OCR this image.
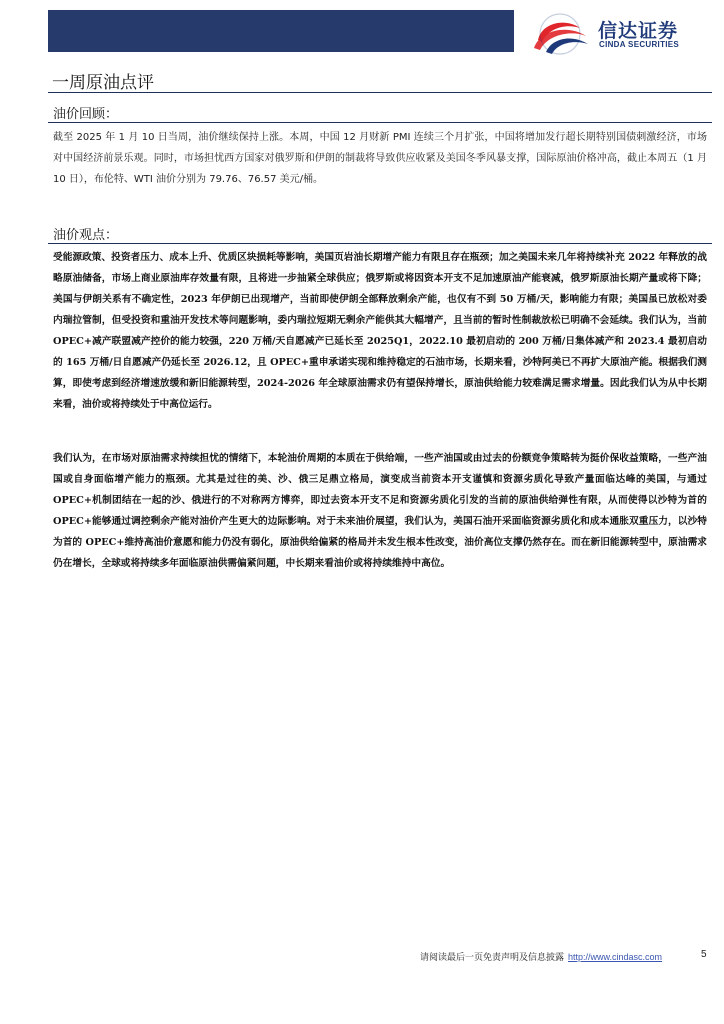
信达证券
CINDA SECURITIES
一周原油点评
油价回顾：

截至 2025 年 1 月 10 日当周，油价继续保持上涨。本周，中国 12 月财新 PMI 连续三个月扩张，中国将增加发行超长期特别国债刺激经济，市场对中国经济前景乐观。同时，市场担忧西方国家对俄罗斯和伊朗的制裁将导致供应收紧及美国冬季风暴支撑，国际原油价格冲高，截止本周五（1 月 10 日），布伦特、WTI 油价分别为 79.76、76.57 美元/桶。

油价观点：

受能源政策、投资者压力、成本上升、优质区块损耗等影响，美国页岩油长期增产能力有限且存在瓶颈；加之美国未来几年将持续补充 2022 年释放的战略原油储备，市场上商业原油库存效量有限，且将进一步抽紧全球供应；俄罗斯或将因资本开支不足加速原油产能衰减，俄罗斯原油长期产量或将下降；美国与伊朗关系有不确定性，2023 年伊朗已出现增产，当前即使伊朗全部释放剩余产能，也仅有不到 50 万桶/天，影响能力有限；美国虽已放松对委内瑞拉管制，但受投资和重油开发技术等问题影响，委内瑞拉短期无剩余产能供其大幅增产，且当前的暂时性制裁放松已明确不会延续。我们认为，当前 OPEC+减产联盟减产控价的能力较强，220 万桶/天自愿减产已延长至 2025Q1，2022.10 最初启动的 200 万桶/日集体减产和 2023.4 最初启动的 165 万桶/日自愿减产仍延长至 2026.12，且 OPEC+重申承诺实现和维持稳定的石油市场，长期来看，沙特阿美已不再扩大原油产能。根据我们测算，即使考虑到经济增速放缓和新旧能源转型，2024-2026 年全球原油需求仍有望保持增长，原油供给能力较难满足需求增量。因此我们认为从中长期来看，油价或将持续处于中高位运行。

我们认为，在市场对原油需求持续担忧的情绪下，本轮油价周期的本质在于供给端，一些产油国或由过去的份额竞争策略转为挺价保收益策略，一些产油国或自身面临增产能力的瓶颈。尤其是过往的美、沙、俄三足鼎立格局，演变成当前资本开支谨慎和资源劣质化导致产量面临达峰的美国，与通过 OPEC+机制团结在一起的沙、俄进行的不对称两方博弈，即过去资本开支不足和资源劣质化引发的当前的原油供给弹性有限，从而使得以沙特为首的 OPEC+能够通过调控剩余产能对油价产生更大的边际影响。对于未来油价展望，我们认为，美国石油开采面临资源劣质化和成本通胀双重压力，以沙特为首的 OPEC+维持高油价意愿和能力仍没有弱化，原油供给偏紧的格局并未发生根本性改变，油价高位支撑仍然存在。而在新旧能源转型中，原油需求仍在增长，全球或将持续多年面临原油供需偏紧问题，中长期来看油价或将持续维持中高位。

请阅读最后一页免责声明及信息披露 http://www.cindasc.com	5
